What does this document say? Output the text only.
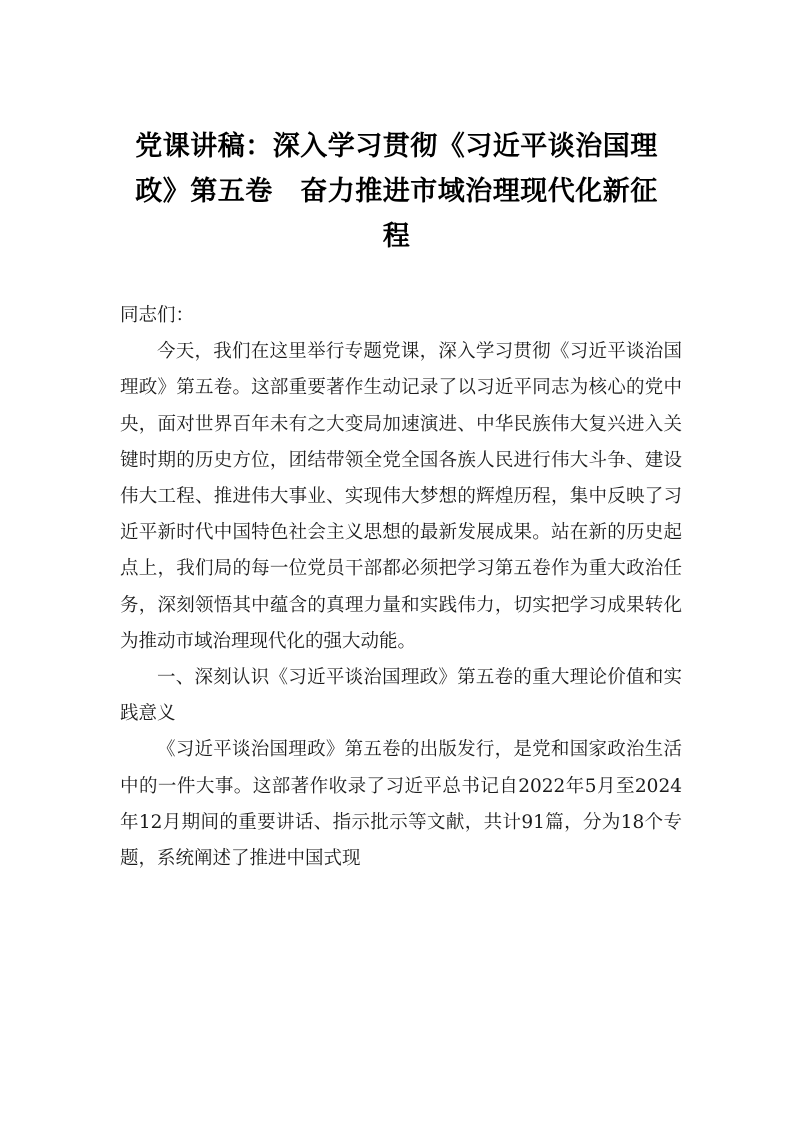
党课讲稿：深入学习贯彻《习近平谈治国理
政》第五卷　奋力推进市域治理现代化新征
程

同志们：

今天，我们在这里举行专题党课，深入学习贯彻《习近平谈治国理政》第五卷。这部重要著作生动记录了以习近平同志为核心的党中央，面对世界百年未有之大变局加速演进、中华民族伟大复兴进入关键时期的历史方位，团结带领全党全国各族人民进行伟大斗争、建设伟大工程、推进伟大事业、实现伟大梦想的辉煌历程，集中反映了习近平新时代中国特色社会主义思想的最新发展成果。站在新的历史起点上，我们局的每一位党员干部都必须把学习第五卷作为重大政治任务，深刻领悟其中蕴含的真理力量和实践伟力，切实把学习成果转化为推动市域治理现代化的强大动能。

一、深刻认识《习近平谈治国理政》第五卷的重大理论价值和实践意义

《习近平谈治国理政》第五卷的出版发行，是党和国家政治生活中的一件大事。这部著作收录了习近平总书记自2022年5月至2024年12月期间的重要讲话、指示批示等文献，共计91篇，分为18个专题，系统阐述了推进中国式现
